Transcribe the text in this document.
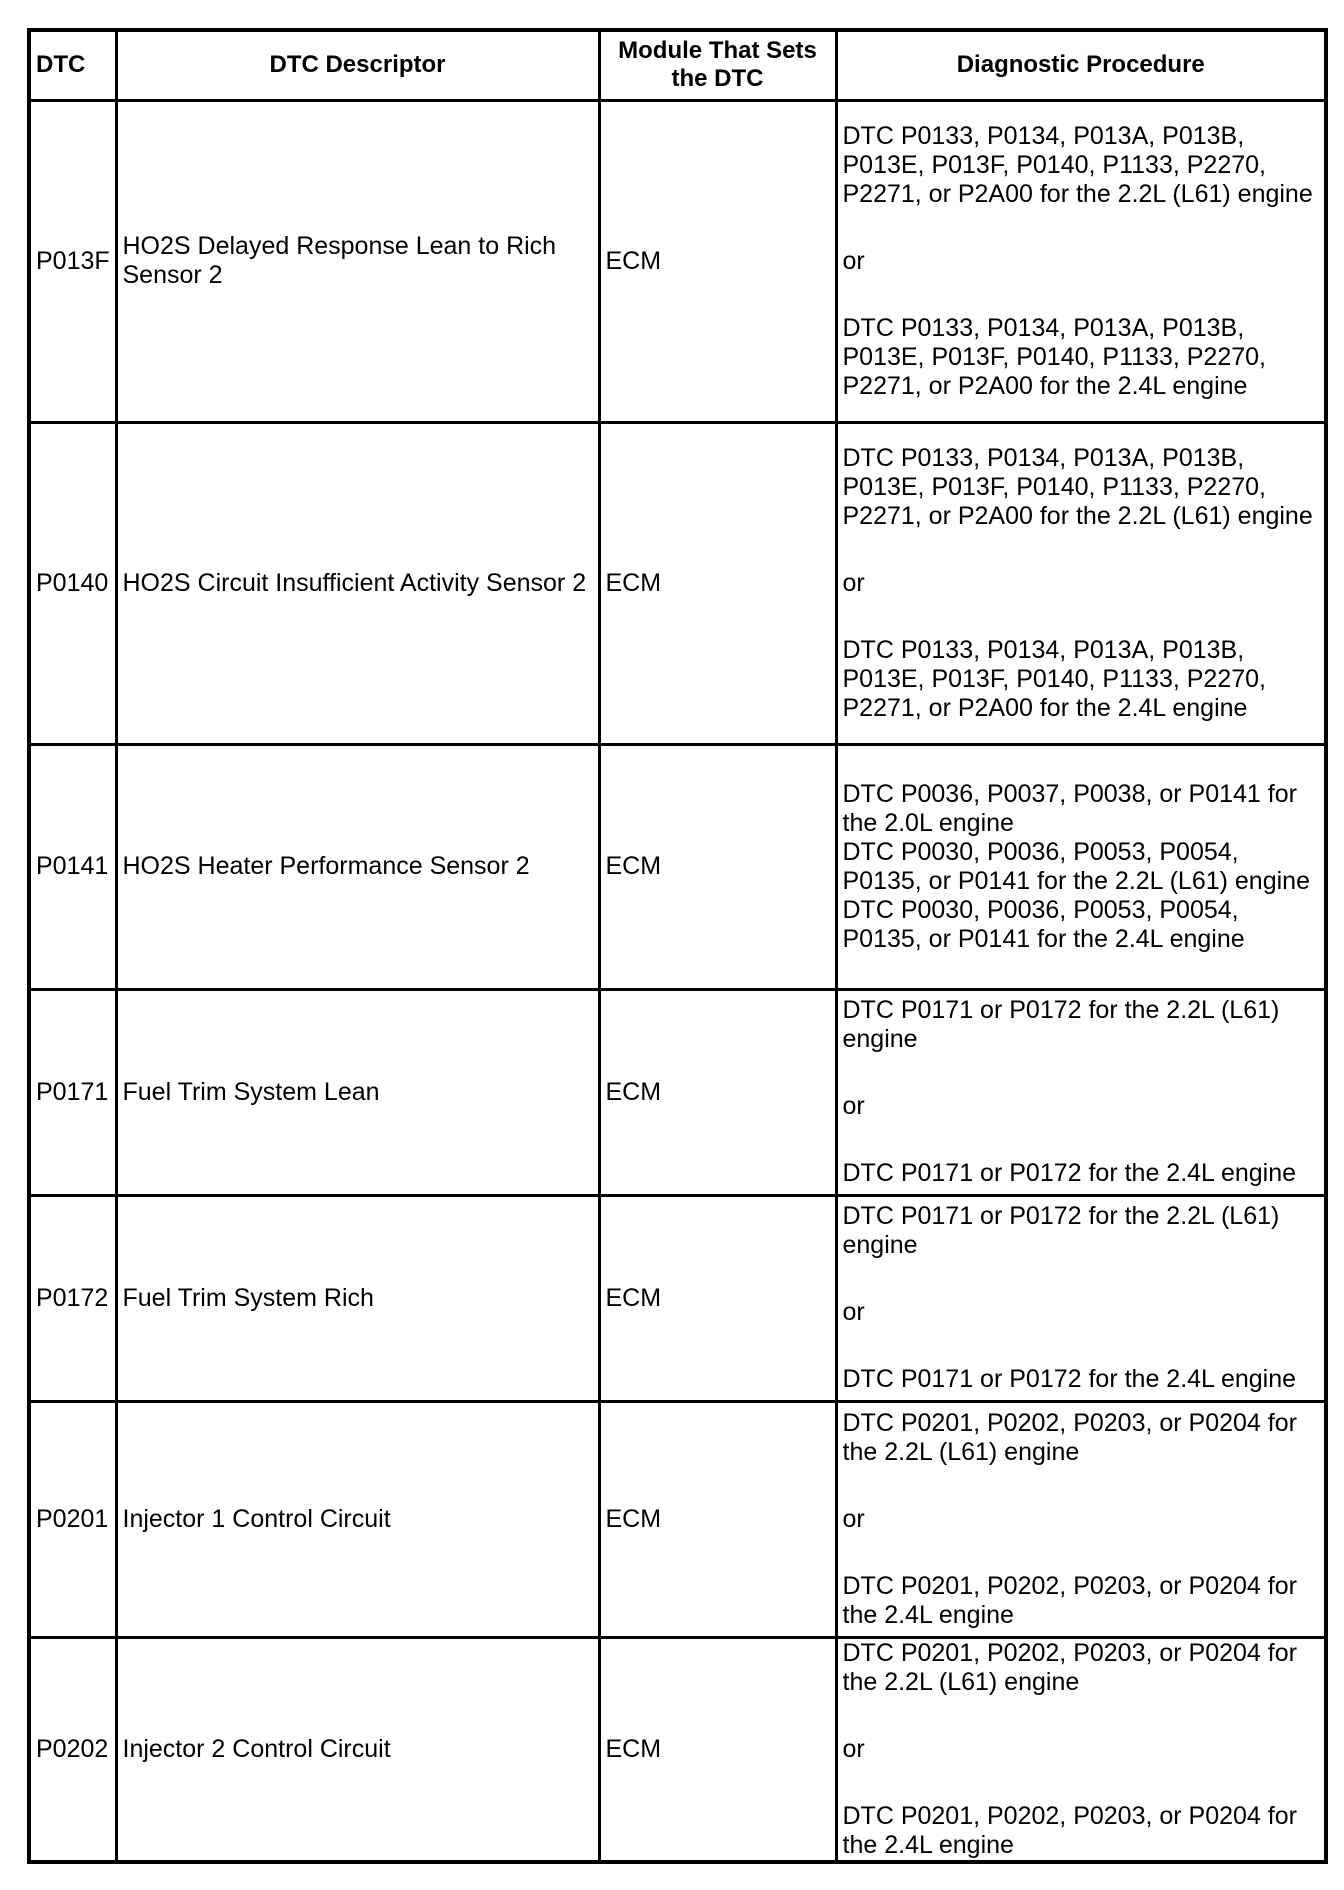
DTC	DTC Descriptor	Module That Sets the DTC	Diagnostic Procedure
P013F	HO2S Delayed Response Lean to Rich Sensor 2	ECM	DTC P0133, P0134, P013A, P013B, P013E, P013F, P0140, P1133, P2270, P2271, or P2A00 for the 2.2L (L61) engine

or

DTC P0133, P0134, P013A, P013B, P013E, P013F, P0140, P1133, P2270, P2271, or P2A00 for the 2.4L engine

P0140	HO2S Circuit Insufficient Activity Sensor 2	ECM	DTC P0133, P0134, P013A, P013B, P013E, P013F, P0140, P1133, P2270, P2271, or P2A00 for the 2.2L (L61) engine

or

DTC P0133, P0134, P013A, P013B, P013E, P013F, P0140, P1133, P2270, P2271, or P2A00 for the 2.4L engine

P0141	HO2S Heater Performance Sensor 2	ECM	DTC P0036, P0037, P0038, or P0141 for the 2.0L engine

DTC P0030, P0036, P0053, P0054, P0135, or P0141 for the 2.2L (L61) engine

DTC P0030, P0036, P0053, P0054, P0135, or P0141 for the 2.4L engine

P0171	Fuel Trim System Lean	ECM	DTC P0171 or P0172 for the 2.2L (L61) engine

or

DTC P0171 or P0172 for the 2.4L engine

P0172	Fuel Trim System Rich	ECM	DTC P0171 or P0172 for the 2.2L (L61) engine

or

DTC P0171 or P0172 for the 2.4L engine

P0201	Injector 1 Control Circuit	ECM	DTC P0201, P0202, P0203, or P0204 for the 2.2L (L61) engine

or

DTC P0201, P0202, P0203, or P0204 for the 2.4L engine

P0202	Injector 2 Control Circuit	ECM	DTC P0201, P0202, P0203, or P0204 for the 2.2L (L61) engine

or

DTC P0201, P0202, P0203, or P0204 for the 2.4L engine
